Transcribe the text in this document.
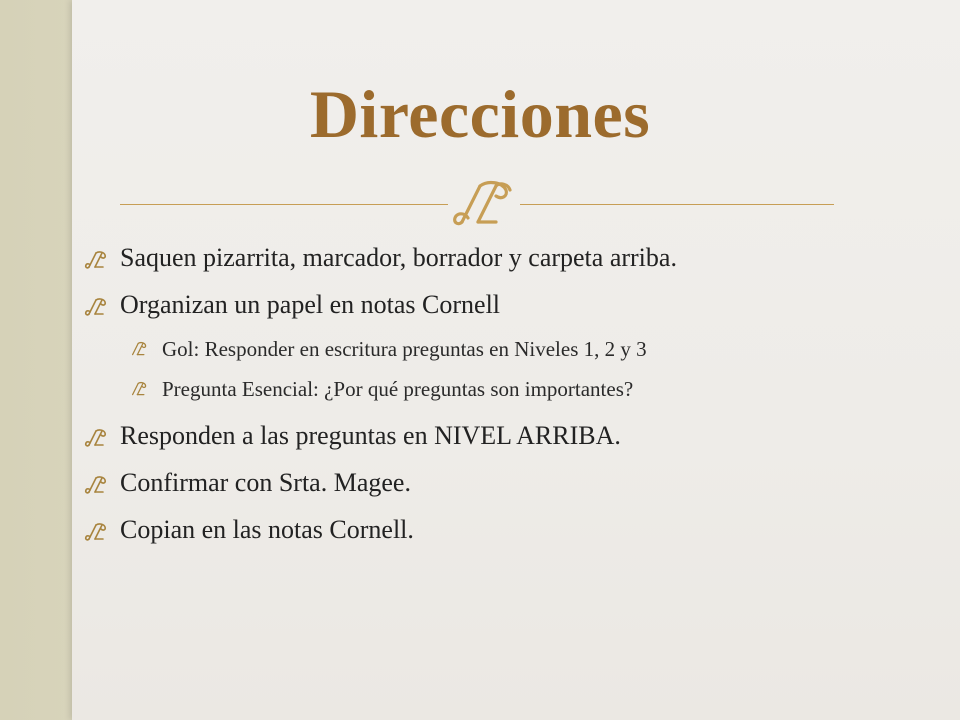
Direcciones
Saquen pizarrita, marcador, borrador y carpeta arriba.
Organizan un papel en notas Cornell
Gol: Responder en escritura preguntas en Niveles 1, 2 y 3
Pregunta Esencial: ¿Por qué preguntas son importantes?
Responden a las preguntas en NIVEL ARRIBA.
Confirmar con Srta. Magee.
Copian en las notas Cornell.
